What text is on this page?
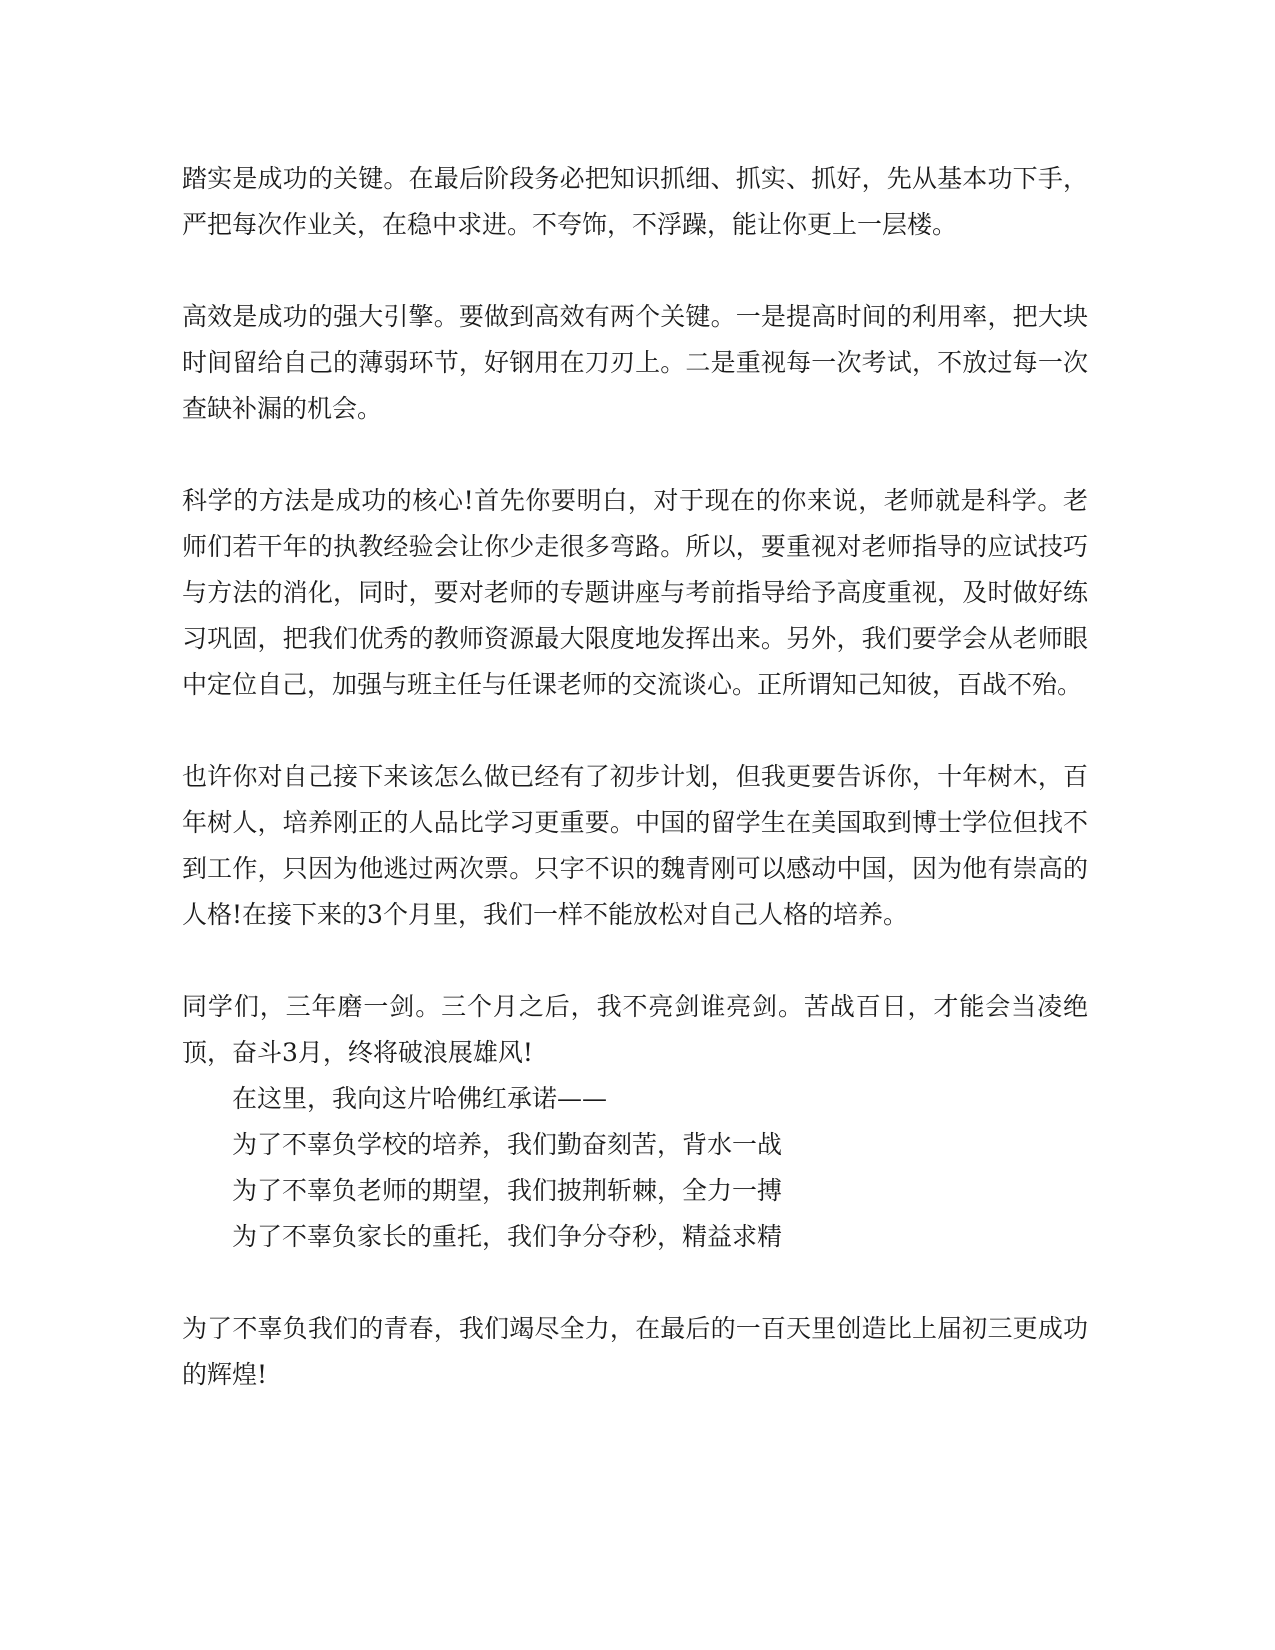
踏实是成功的关键。在最后阶段务必把知识抓细、抓实、抓好，先从基本功下手，严把每次作业关，在稳中求进。不夸饰，不浮躁，能让你更上一层楼。

高效是成功的强大引擎。要做到高效有两个关键。一是提高时间的利用率，把大块时间留给自己的薄弱环节，好钢用在刀刃上。二是重视每一次考试，不放过每一次查缺补漏的机会。

科学的方法是成功的核心!首先你要明白，对于现在的你来说，老师就是科学。老师们若干年的执教经验会让你少走很多弯路。所以，要重视对老师指导的应试技巧与方法的消化，同时，要对老师的专题讲座与考前指导给予高度重视，及时做好练习巩固，把我们优秀的教师资源最大限度地发挥出来。另外，我们要学会从老师眼中定位自己，加强与班主任与任课老师的交流谈心。正所谓知己知彼，百战不殆。

也许你对自己接下来该怎么做已经有了初步计划，但我更要告诉你，十年树木，百年树人，培养刚正的人品比学习更重要。中国的留学生在美国取到博士学位但找不到工作，只因为他逃过两次票。只字不识的魏青刚可以感动中国，因为他有崇高的人格!在接下来的3个月里，我们一样不能放松对自己人格的培养。

同学们，三年磨一剑。三个月之后，我不亮剑谁亮剑。苦战百日，才能会当凌绝顶，奋斗3月，终将破浪展雄风!

在这里，我向这片哈佛红承诺——

为了不辜负学校的培养，我们勤奋刻苦，背水一战

为了不辜负老师的期望，我们披荆斩棘，全力一搏

为了不辜负家长的重托，我们争分夺秒，精益求精

为了不辜负我们的青春，我们竭尽全力，在最后的一百天里创造比上届初三更成功的辉煌!
